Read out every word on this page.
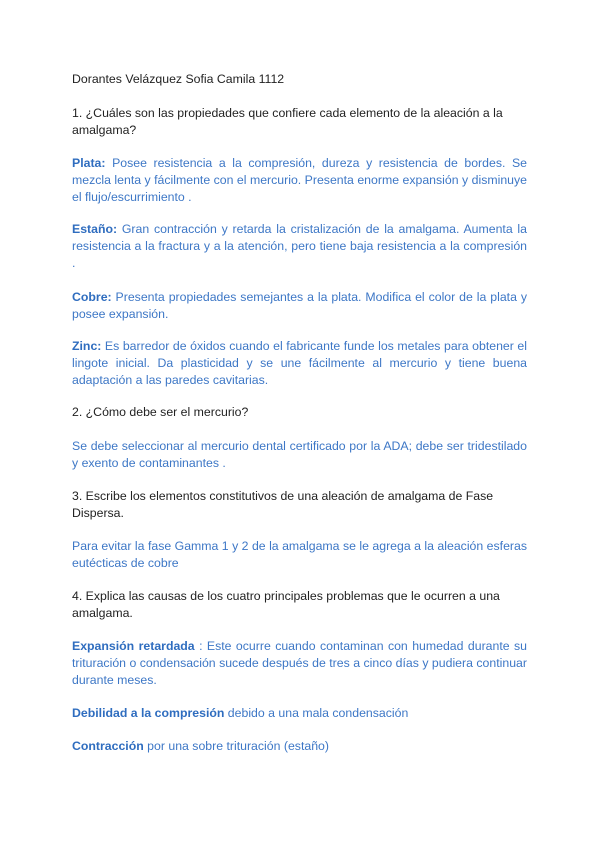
Dorantes Velázquez Sofia Camila 1112
1. ¿Cuáles son las propiedades que confiere cada elemento de la aleación a la amalgama?
Plata: Posee resistencia a la compresión, dureza y resistencia de bordes. Se mezcla lenta y fácilmente con el mercurio. Presenta enorme expansión y disminuye el flujo/escurrimiento .
Estaño: Gran contracción y retarda la cristalización de la amalgama. Aumenta la resistencia a la fractura y a la atención, pero tiene baja resistencia a la compresión .
Cobre: Presenta propiedades semejantes a la plata. Modifica el color de la plata y posee expansión.
Zinc: Es barredor de óxidos cuando el fabricante funde los metales para obtener el lingote inicial. Da plasticidad y se une fácilmente al mercurio y tiene buena adaptación a las paredes cavitarias.
2. ¿Cómo debe ser el mercurio?
Se debe seleccionar al mercurio dental certificado por la ADA; debe ser tridestilado y exento de contaminantes .
3. Escribe los elementos constitutivos de una aleación de amalgama de Fase Dispersa.
Para evitar la fase Gamma 1 y 2 de la amalgama se le agrega a la aleación esferas eutécticas de cobre
4. Explica las causas de los cuatro principales problemas que le ocurren a una amalgama.
Expansión retardada : Este ocurre cuando contaminan con humedad durante su trituración o condensación sucede después de tres a cinco días y pudiera continuar durante meses.
Debilidad a la compresión debido a una mala condensación
Contracción por una sobre trituración (estaño)
